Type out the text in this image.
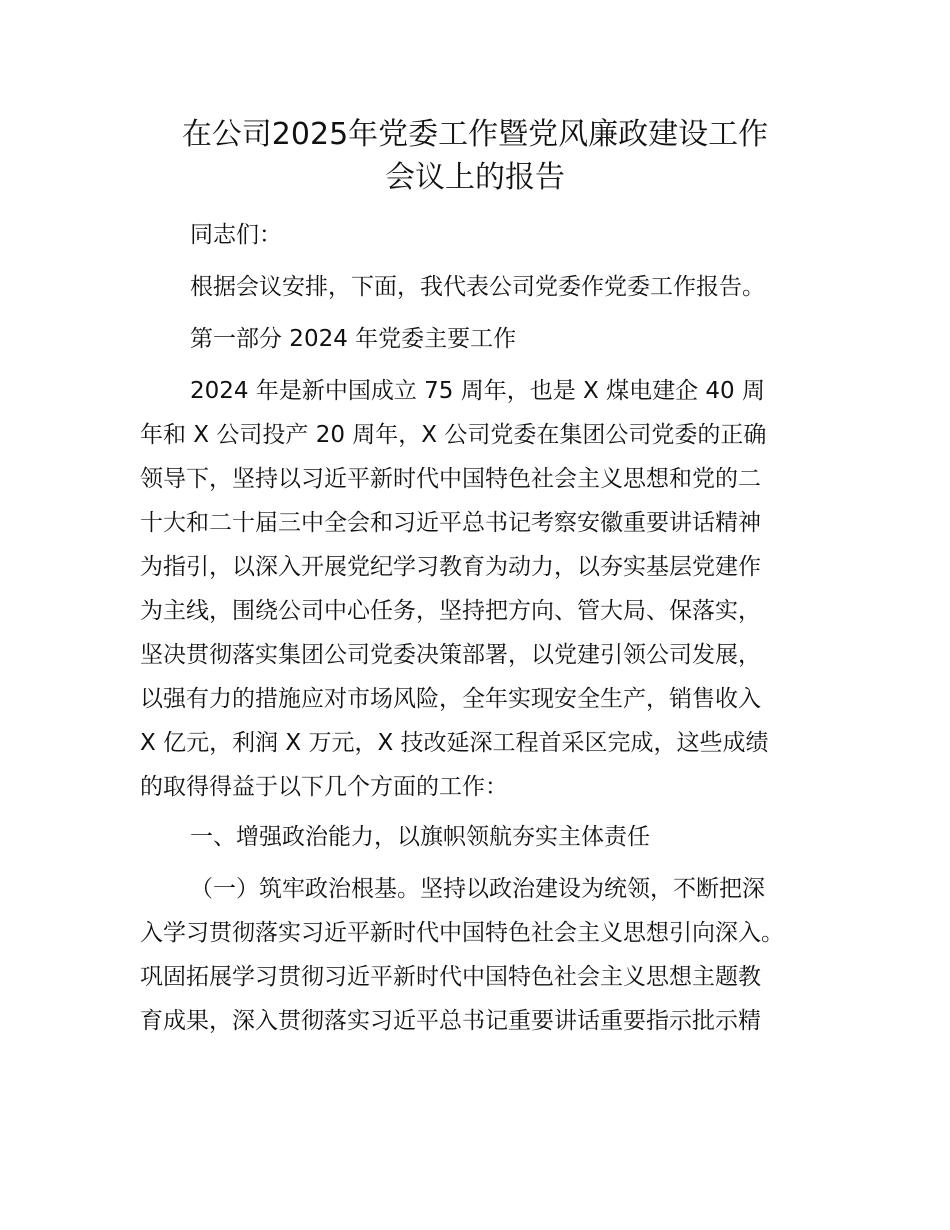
在公司2025年党委工作暨党风廉政建设工作
会议上的报告

同志们：

根据会议安排，下面，我代表公司党委作党委工作报告。

第一部分 2024 年党委主要工作

2024 年是新中国成立 75 周年，也是 X 煤电建企 40 周

年和 X 公司投产 20 周年，X 公司党委在集团公司党委的正确

领导下，坚持以习近平新时代中国特色社会主义思想和党的二

十大和二十届三中全会和习近平总书记考察安徽重要讲话精神

为指引，以深入开展党纪学习教育为动力，以夯实基层党建作

为主线，围绕公司中心任务，坚持把方向、管大局、保落实，

坚决贯彻落实集团公司党委决策部署，以党建引领公司发展，

以强有力的措施应对市场风险，全年实现安全生产，销售收入

X 亿元，利润 X 万元，X 技改延深工程首采区完成，这些成绩

的取得得益于以下几个方面的工作：

一、增强政治能力，以旗帜领航夯实主体责任

（一）筑牢政治根基。坚持以政治建设为统领，不断把深

入学习贯彻落实习近平新时代中国特色社会主义思想引向深入。

巩固拓展学习贯彻习近平新时代中国特色社会主义思想主题教

育成果，深入贯彻落实习近平总书记重要讲话重要指示批示精
